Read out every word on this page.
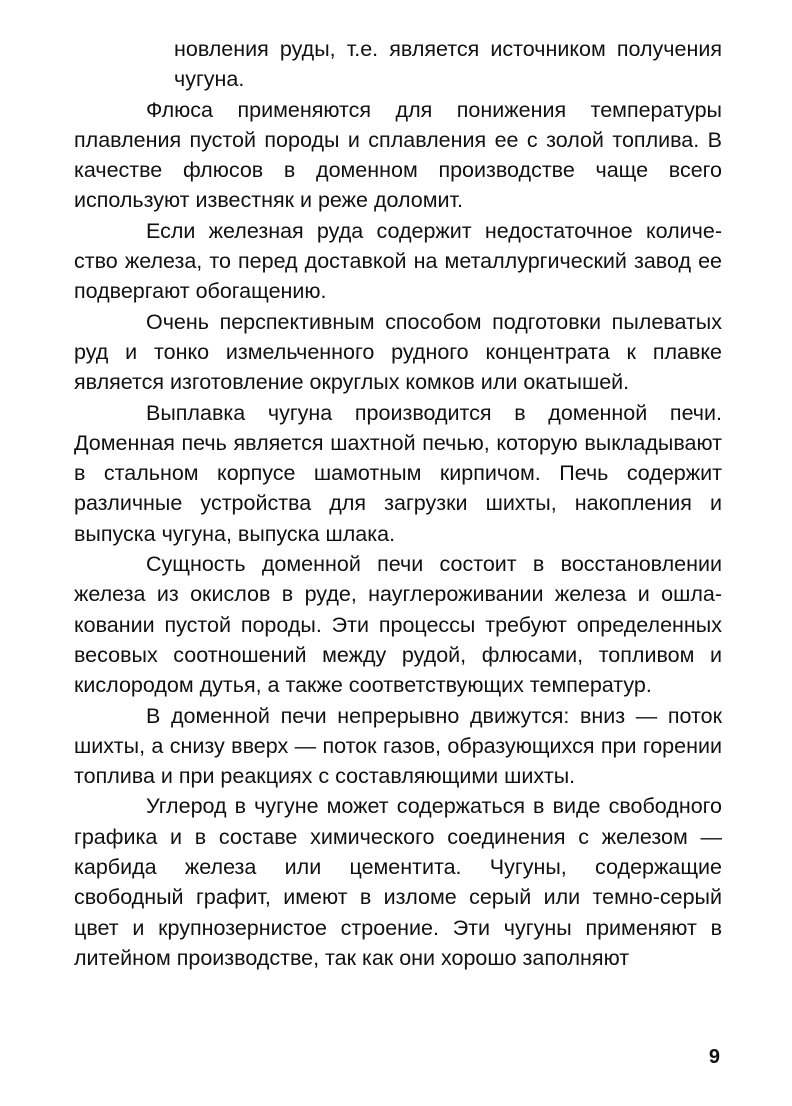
новления руды, т.е. является источником получения чугуна.

Флюса применяются для понижения температуры плавления пустой породы и сплавления ее с золой топлива. В качестве флюсов в доменном производстве чаще всего используют известняк и реже доломит.

Если железная руда содержит недостаточное количество железа, то перед доставкой на металлургический завод ее подвергают обогащению.

Очень перспективным способом подготовки пылеватых руд и тонко измельченного рудного концентрата к плавке является изготовление округлых комков или окатышей.

Выплавка чугуна производится в доменной печи. Доменная печь является шахтной печью, которую выкладывают в стальном корпусе шамотным кирпичом. Печь содержит различные устройства для загрузки шихты, накопления и выпуска чугуна, выпуска шлака.

Сущность доменной печи состоит в восстановлении железа из окислов в руде, науглероживании железа и ошлаковании пустой породы. Эти процессы требуют определенных весовых соотношений между рудой, флюсами, топливом и кислородом дутья, а также соответствующих температур.

В доменной печи непрерывно движутся: вниз — поток шихты, а снизу вверх — поток газов, образующихся при горении топлива и при реакциях с составляющими шихты.

Углерод в чугуне может содержаться в виде свободного графика и в составе химического соединения с железом — карбида железа или цементита. Чугуны, содержащие свободный графит, имеют в изломе серый или темно-серый цвет и крупнозернистое строение. Эти чугуны применяют в литейном производстве, так как они хорошо заполняют

9
